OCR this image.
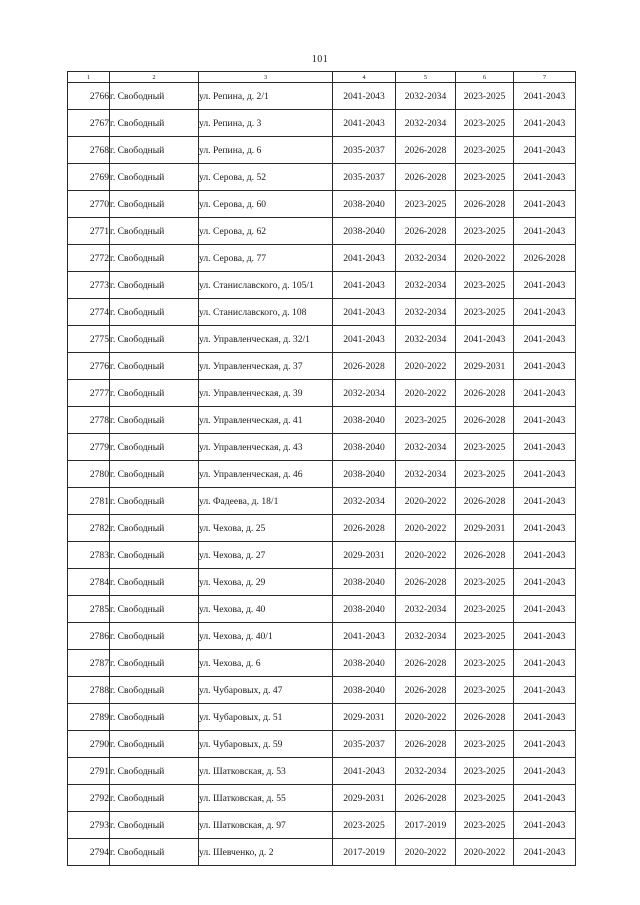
101
1	2	3	4	5	6	7
2766	г. Свободный	ул. Репина, д. 2/1	2041-2043	2032-2034	2023-2025	2041-2043
2767	г. Свободный	ул. Репина, д. 3	2041-2043	2032-2034	2023-2025	2041-2043
2768	г. Свободный	ул. Репина, д. 6	2035-2037	2026-2028	2023-2025	2041-2043
2769	г. Свободный	ул. Серова, д. 52	2035-2037	2026-2028	2023-2025	2041-2043
2770	г. Свободный	ул. Серова, д. 60	2038-2040	2023-2025	2026-2028	2041-2043
2771	г. Свободный	ул. Серова, д. 62	2038-2040	2026-2028	2023-2025	2041-2043
2772	г. Свободный	ул. Серова, д. 77	2041-2043	2032-2034	2020-2022	2026-2028
2773	г. Свободный	ул. Станиславского, д. 105/1	2041-2043	2032-2034	2023-2025	2041-2043
2774	г. Свободный	ул. Станиславского, д. 108	2041-2043	2032-2034	2023-2025	2041-2043
2775	г. Свободный	ул. Управленческая, д. 32/1	2041-2043	2032-2034	2041-2043	2041-2043
2776	г. Свободный	ул. Управленческая, д. 37	2026-2028	2020-2022	2029-2031	2041-2043
2777	г. Свободный	ул. Управленческая, д. 39	2032-2034	2020-2022	2026-2028	2041-2043
2778	г. Свободный	ул. Управленческая, д. 41	2038-2040	2023-2025	2026-2028	2041-2043
2779	г. Свободный	ул. Управленческая, д. 43	2038-2040	2032-2034	2023-2025	2041-2043
2780	г. Свободный	ул. Управленческая, д. 46	2038-2040	2032-2034	2023-2025	2041-2043
2781	г. Свободный	ул. Фадеева, д. 18/1	2032-2034	2020-2022	2026-2028	2041-2043
2782	г. Свободный	ул. Чехова, д. 25	2026-2028	2020-2022	2029-2031	2041-2043
2783	г. Свободный	ул. Чехова, д. 27	2029-2031	2020-2022	2026-2028	2041-2043
2784	г. Свободный	ул. Чехова, д. 29	2038-2040	2026-2028	2023-2025	2041-2043
2785	г. Свободный	ул. Чехова, д. 40	2038-2040	2032-2034	2023-2025	2041-2043
2786	г. Свободный	ул. Чехова, д. 40/1	2041-2043	2032-2034	2023-2025	2041-2043
2787	г. Свободный	ул. Чехова, д. 6	2038-2040	2026-2028	2023-2025	2041-2043
2788	г. Свободный	ул. Чубаровых, д. 47	2038-2040	2026-2028	2023-2025	2041-2043
2789	г. Свободный	ул. Чубаровых, д. 51	2029-2031	2020-2022	2026-2028	2041-2043
2790	г. Свободный	ул. Чубаровых, д. 59	2035-2037	2026-2028	2023-2025	2041-2043
2791	г. Свободный	ул. Шатковская, д. 53	2041-2043	2032-2034	2023-2025	2041-2043
2792	г. Свободный	ул. Шатковская, д. 55	2029-2031	2026-2028	2023-2025	2041-2043
2793	г. Свободный	ул. Шатковская, д. 97	2023-2025	2017-2019	2023-2025	2041-2043
2794	г. Свободный	ул. Шевченко, д. 2	2017-2019	2020-2022	2020-2022	2041-2043
